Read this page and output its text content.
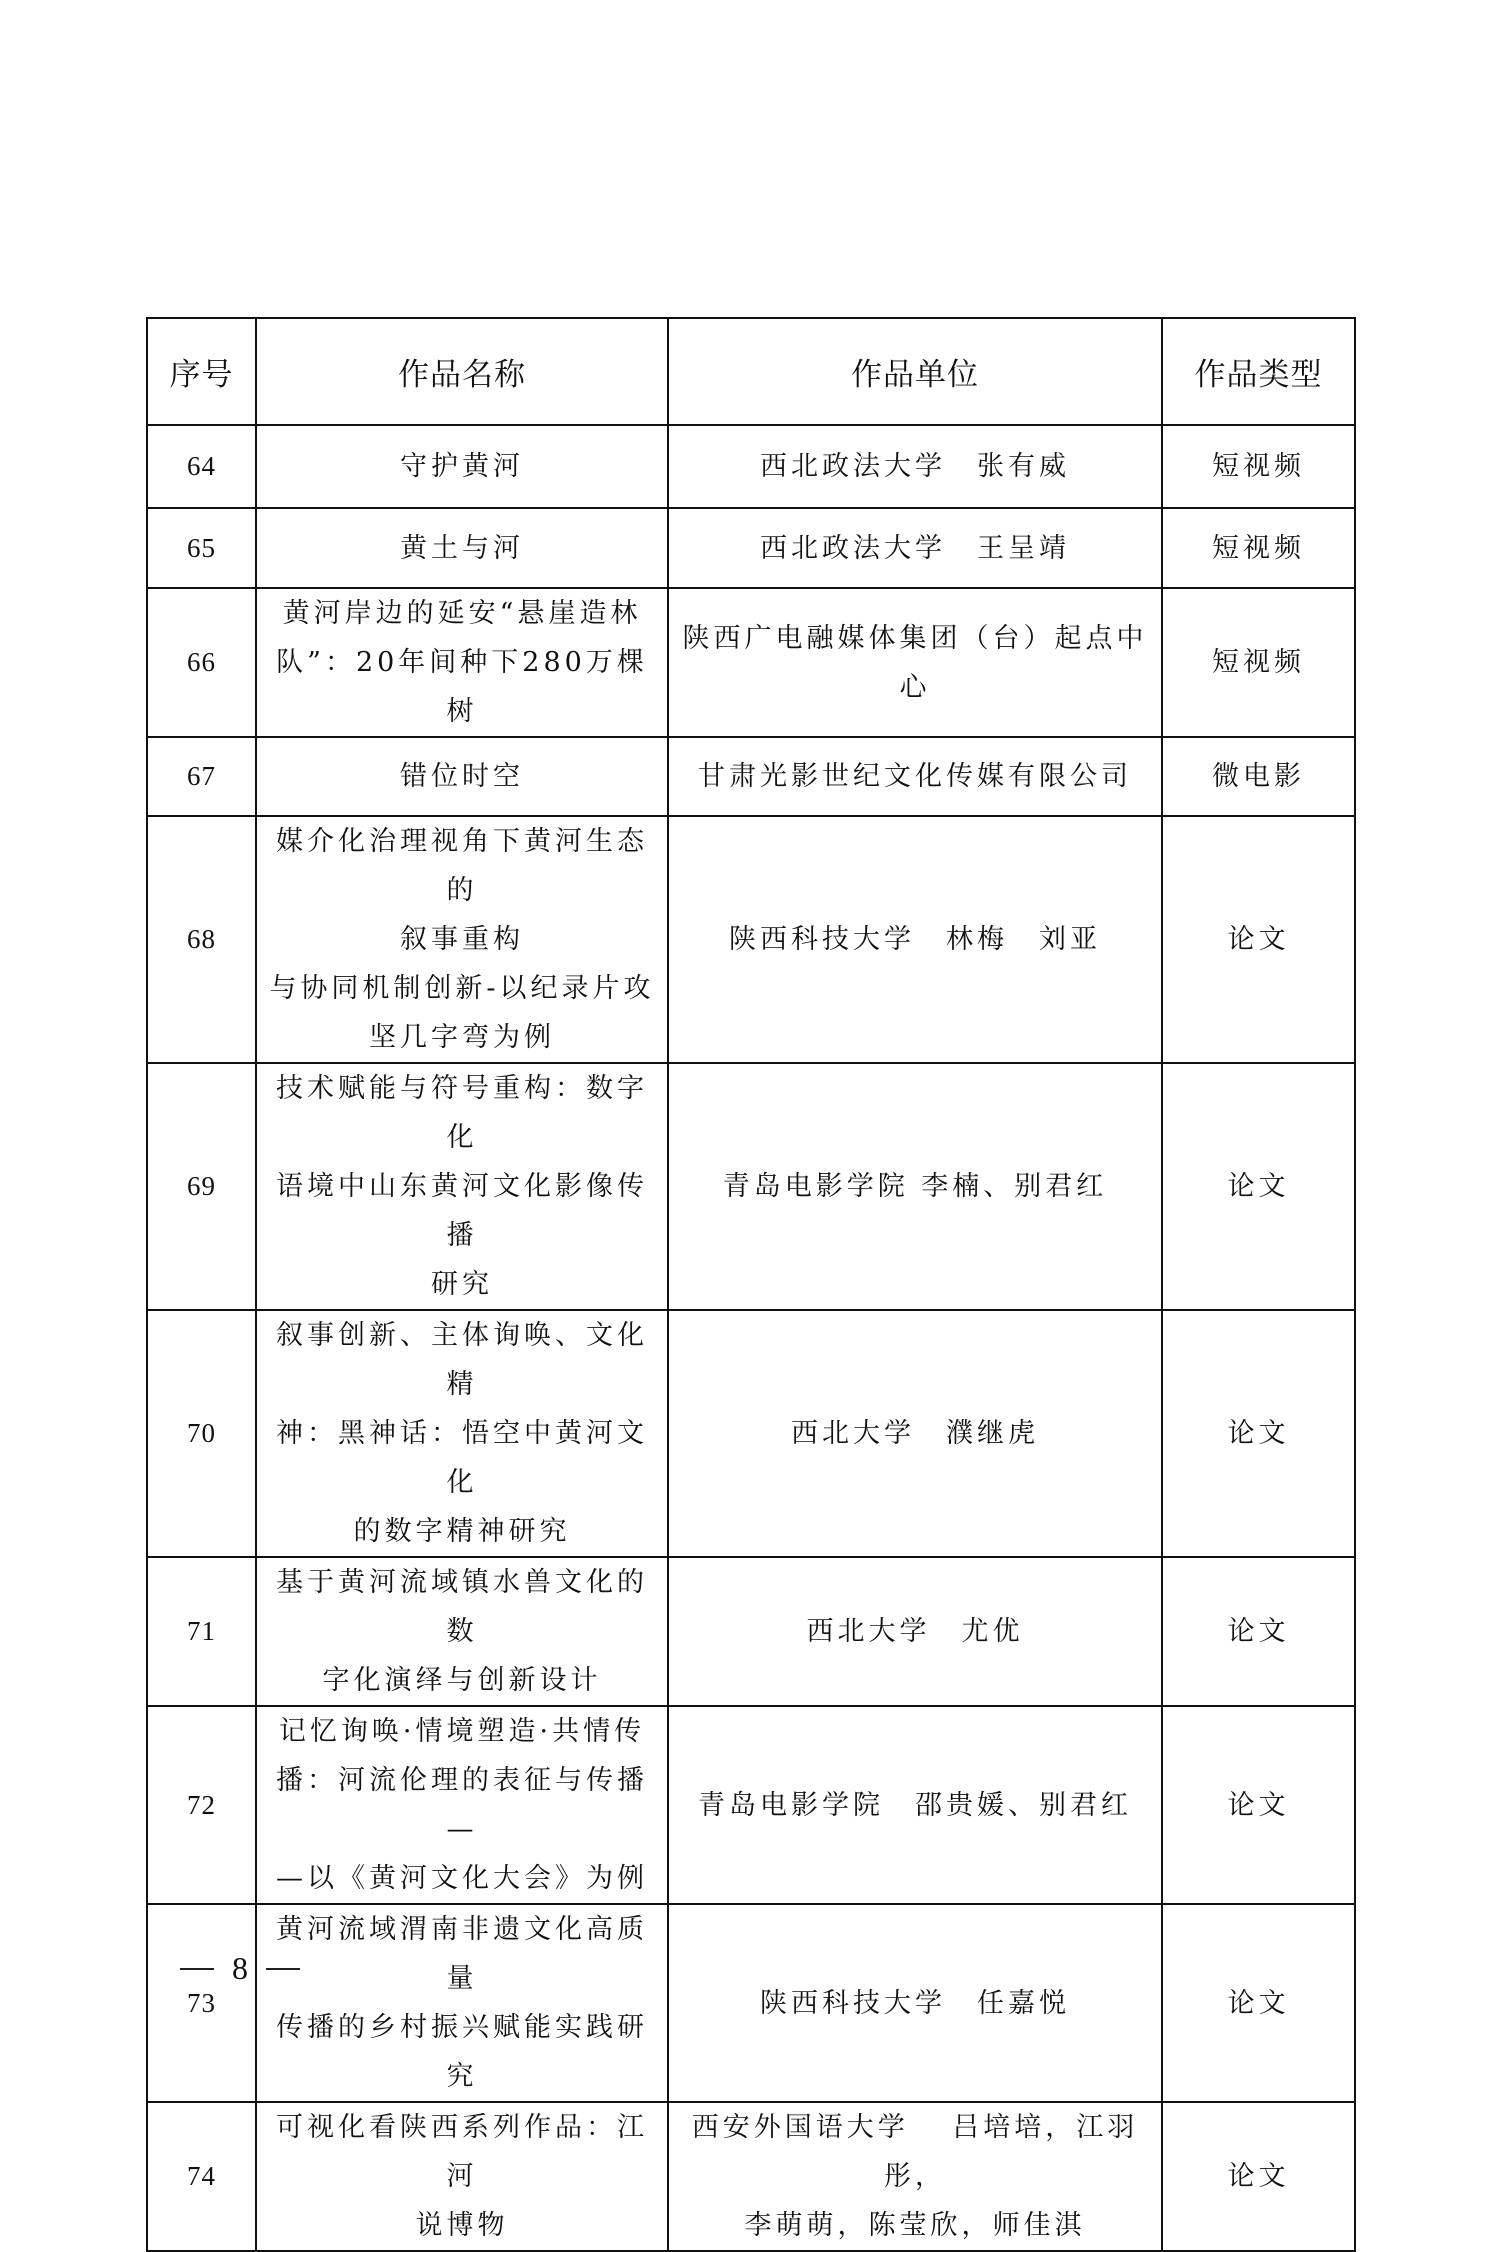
序号	作品名称	作品单位	作品类型
64	守护黄河	西北政法大学　张有威	短视频
65	黄土与河	西北政法大学　王呈靖	短视频
66	黄河岸边的延安“悬崖造林
队”：20年间种下280万棵树	陕西广电融媒体集团（台）起点中心	短视频
67	错位时空	甘肃光影世纪文化传媒有限公司	微电影
68	媒介化治理视角下黄河生态的
叙事重构
与协同机制创新-以纪录片攻
坚几字弯为例	陕西科技大学　林梅　刘亚	论文
69	技术赋能与符号重构：数字化
语境中山东黄河文化影像传播
研究	青岛电影学院 李楠、别君红	论文
70	叙事创新、主体询唤、文化精
神：黑神话：悟空中黄河文化
的数字精神研究	西北大学　濮继虎	论文
71	基于黄河流域镇水兽文化的数
字化演绎与创新设计	西北大学　尤优	论文
72	记忆询唤·情境塑造·共情传
播：河流伦理的表征与传播—
—以《黄河文化大会》为例	青岛电影学院　邵贵媛、别君红	论文
73	黄河流域渭南非遗文化高质量
传播的乡村振兴赋能实践研究	陕西科技大学　任嘉悦	论文
74	可视化看陕西系列作品：江河
说博物	西安外国语大学　 吕培培，江羽彤，
李萌萌，陈莹欣，师佳淇	论文
8
